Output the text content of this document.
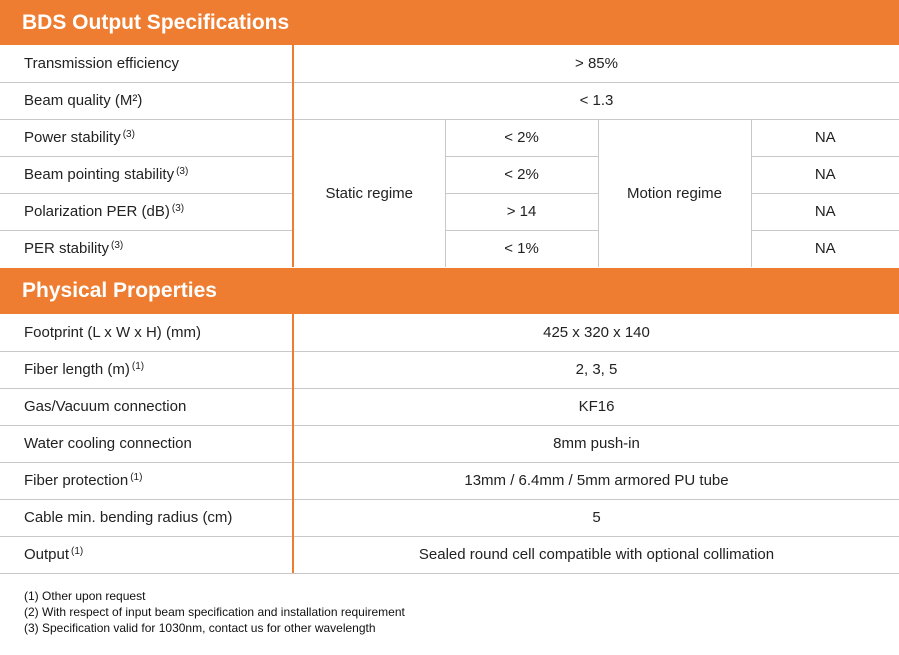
BDS Output Specifications
Transmission efficiency	> 85%			
Beam quality (M²)	< 1.3			
Power stability $^{(3)}$	Static regime	< 2%	Motion regime	NA
Beam pointing stability $^{(3)}$		< 2%		NA
Polarization PER (dB) $^{(3)}$		> 14		NA
PER stability $^{(3)}$		< 1%		NA
Physical Properties
Footprint (L x W x H) (mm)	425 x 320 x 140
Fiber length (m) $^{(1)}$	2, 3, 5
Gas/Vacuum connection	KF16
Water cooling connection	8mm push-in
Fiber protection $^{(1)}$	13mm / 6.4mm / 5mm armored PU tube
Cable min. bending radius (cm)	5
Output $^{(1)}$	Sealed round cell compatible with optional collimation
(1) Other upon request
(2) With respect of input beam specification and installation requirement
(3) Specification valid for 1030nm, contact us for other wavelength
